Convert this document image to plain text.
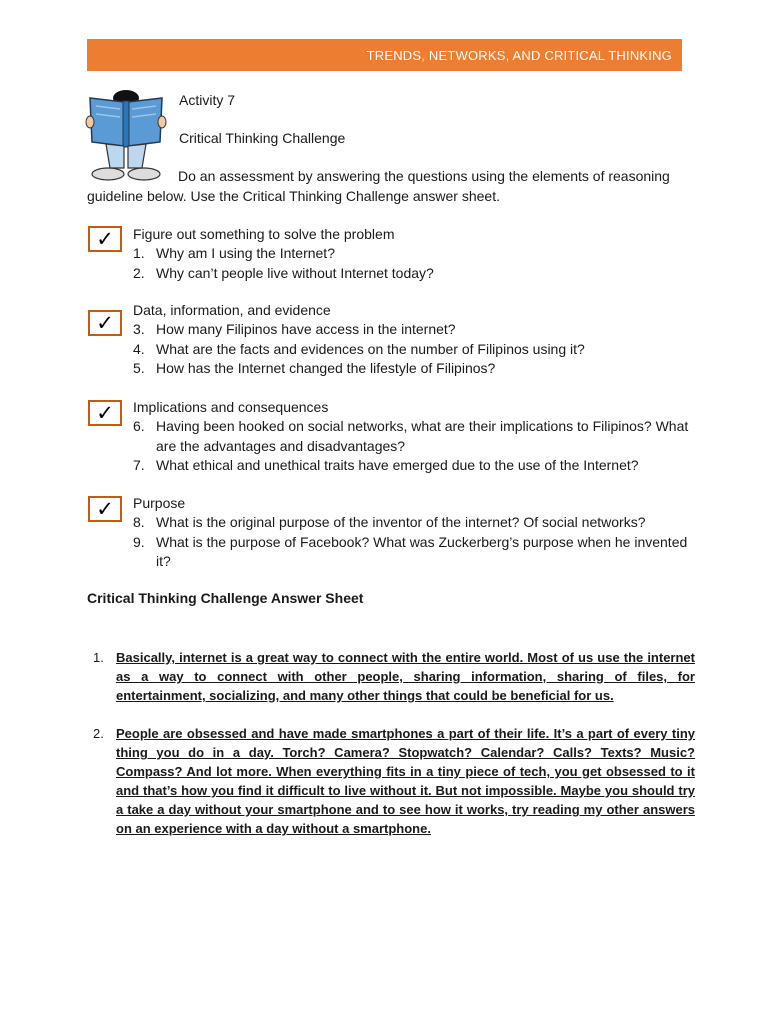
TRENDS, NETWORKS, AND CRITICAL THINKING
Activity 7
Critical Thinking Challenge
Do an assessment by answering the questions using the elements of reasoning guideline below. Use the Critical Thinking Challenge answer sheet.
✓	Figure out something to solve the problem
1. Why am I using the Internet?
2. Why can’t people live without Internet today?
✓
Data, information, and evidence
3. How many Filipinos have access in the internet?
4. What are the facts and evidences on the number of Filipinos using it?
5. How has the Internet changed the lifestyle of Filipinos?
✓	Implications and consequences
6. Having been hooked on social networks, what are their implications to Filipinos? What are the advantages and disadvantages?
7. What ethical and unethical traits have emerged due to the use of the Internet?
✓	Purpose
8. What is the original purpose of the inventor of the internet? Of social networks?
9. What is the purpose of Facebook? What was Zuckerberg’s purpose when he invented it?
Critical Thinking Challenge Answer Sheet
1. Basically, internet is a great way to connect with the entire world. Most of us use the internet as a way to connect with other people, sharing information, sharing of files, for entertainment, socializing, and many other things that could be beneficial for us.
2. People are obsessed and have made smartphones a part of their life. It’s a part of every tiny thing you do in a day. Torch? Camera? Stopwatch? Calendar? Calls? Texts? Music? Compass? And lot more. When everything fits in a tiny piece of tech, you get obsessed to it and that’s how you find it difficult to live without it. But not impossible. Maybe you should try a take a day without your smartphone and to see how it works, try reading my other answers on an experience with a day without a smartphone.
